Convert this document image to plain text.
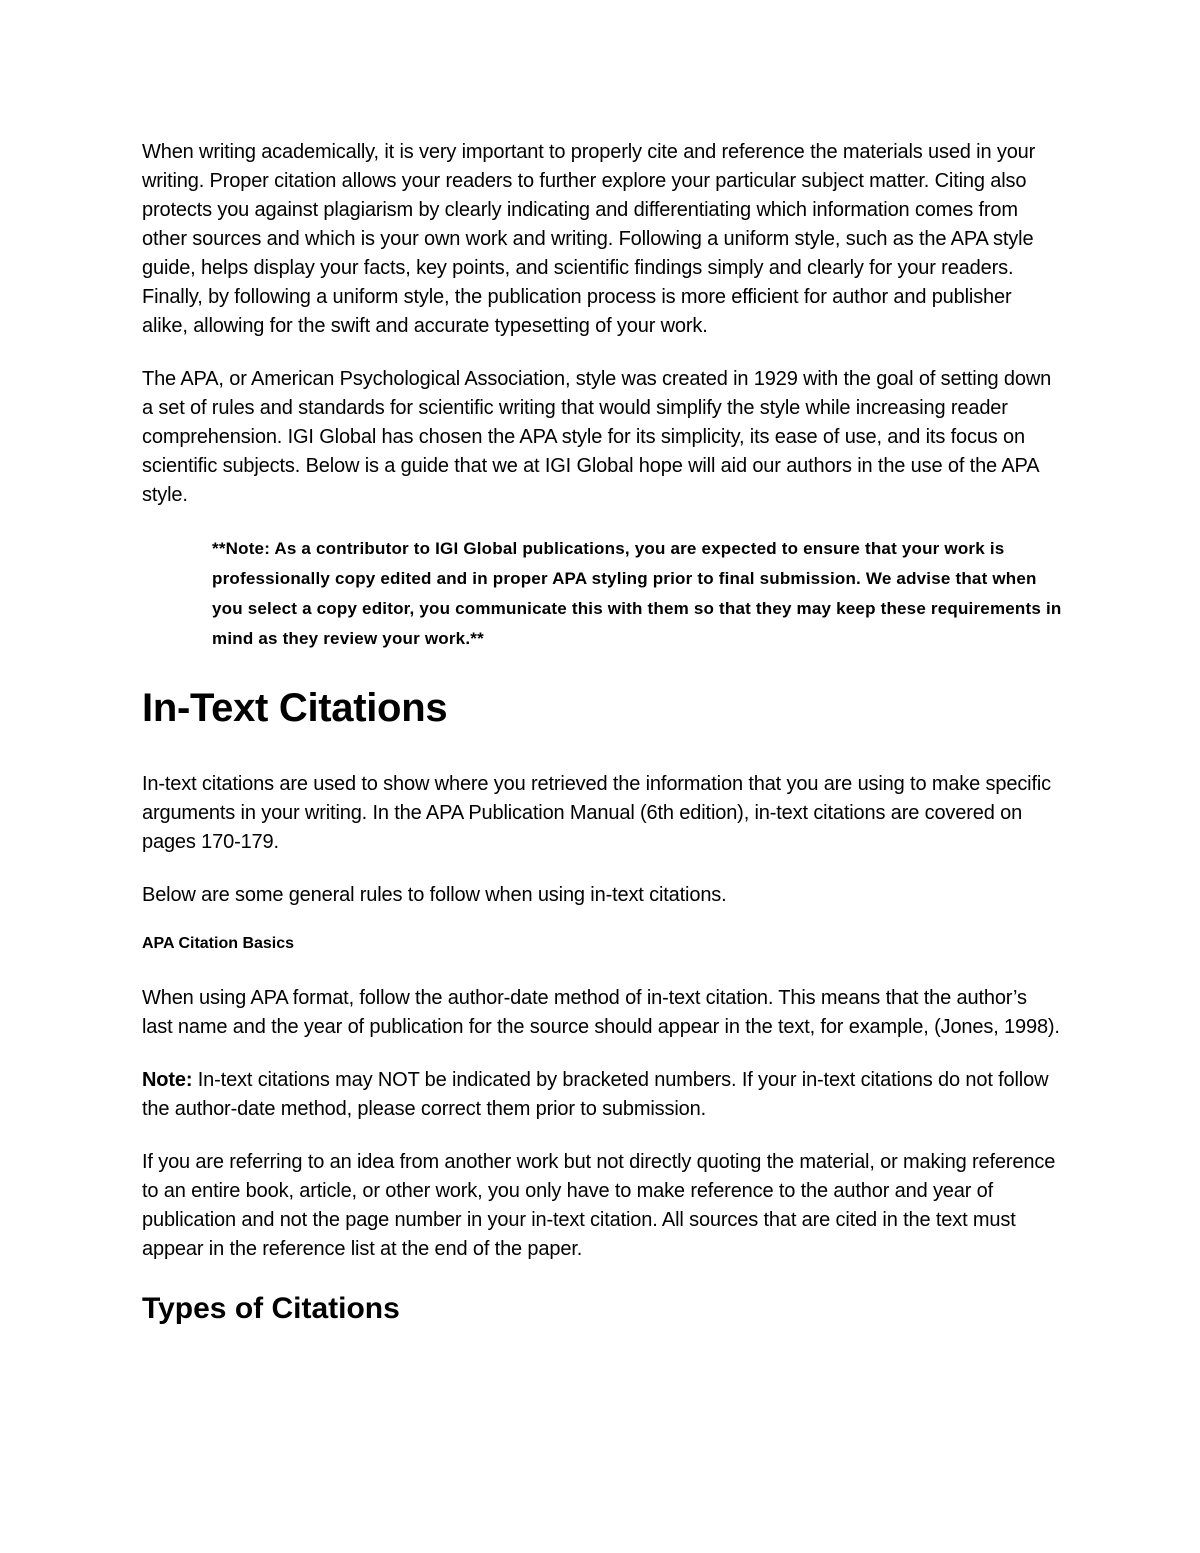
When writing academically, it is very important to properly cite and reference the materials used in your writing. Proper citation allows your readers to further explore your particular subject matter. Citing also protects you against plagiarism by clearly indicating and differentiating which information comes from other sources and which is your own work and writing. Following a uniform style, such as the APA style guide, helps display your facts, key points, and scientific findings simply and clearly for your readers. Finally, by following a uniform style, the publication process is more efficient for author and publisher alike, allowing for the swift and accurate typesetting of your work.

The APA, or American Psychological Association, style was created in 1929 with the goal of setting down a set of rules and standards for scientific writing that would simplify the style while increasing reader comprehension. IGI Global has chosen the APA style for its simplicity, its ease of use, and its focus on scientific subjects. Below is a guide that we at IGI Global hope will aid our authors in the use of the APA style.

**Note: As a contributor to IGI Global publications, you are expected to ensure that your work is professionally copy edited and in proper APA styling prior to final submission. We advise that when you select a copy editor, you communicate this with them so that they may keep these requirements in mind as they review your work.**

In-Text Citations

In-text citations are used to show where you retrieved the information that you are using to make specific arguments in your writing. In the APA Publication Manual (6th edition), in-text citations are covered on pages 170-179.

Below are some general rules to follow when using in-text citations.

APA Citation Basics

When using APA format, follow the author-date method of in-text citation. This means that the author’s last name and the year of publication for the source should appear in the text, for example, (Jones, 1998).

Note: In-text citations may NOT be indicated by bracketed numbers. If your in-text citations do not follow the author-date method, please correct them prior to submission.

If you are referring to an idea from another work but not directly quoting the material, or making reference to an entire book, article, or other work, you only have to make reference to the author and year of publication and not the page number in your in-text citation. All sources that are cited in the text must appear in the reference list at the end of the paper.

Types of Citations
